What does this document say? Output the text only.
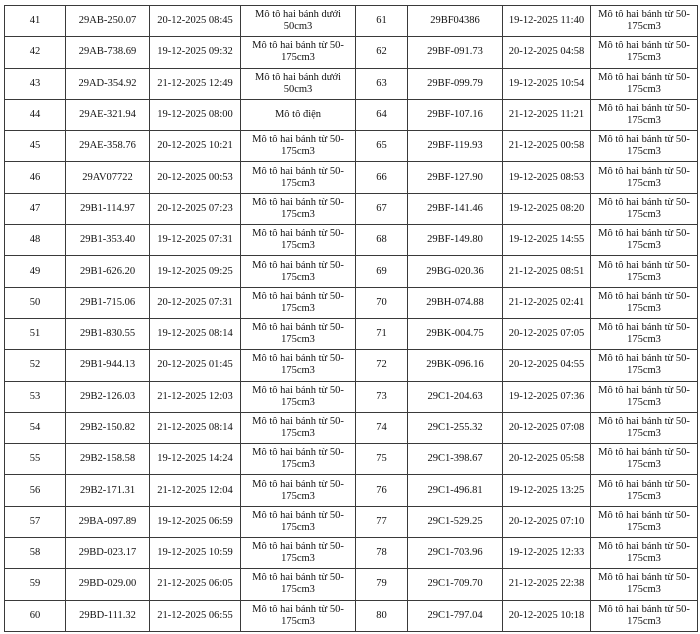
41	29AB-250.07	20-12-2025 08:45	Mô tô hai bánh dưới 50cm3	61	29BF04386	19-12-2025 11:40	Mô tô hai bánh từ 50-175cm3
42	29AB-738.69	19-12-2025 09:32	Mô tô hai bánh từ 50-175cm3	62	29BF-091.73	20-12-2025 04:58	Mô tô hai bánh từ 50-175cm3
43	29AD-354.92	21-12-2025 12:49	Mô tô hai bánh dưới 50cm3	63	29BF-099.79	19-12-2025 10:54	Mô tô hai bánh từ 50-175cm3
44	29AE-321.94	19-12-2025 08:00	Mô tô điện	64	29BF-107.16	21-12-2025 11:21	Mô tô hai bánh từ 50-175cm3
45	29AE-358.76	20-12-2025 10:21	Mô tô hai bánh từ 50-175cm3	65	29BF-119.93	21-12-2025 00:58	Mô tô hai bánh từ 50-175cm3
46	29AV07722	20-12-2025 00:53	Mô tô hai bánh từ 50-175cm3	66	29BF-127.90	19-12-2025 08:53	Mô tô hai bánh từ 50-175cm3
47	29B1-114.97	20-12-2025 07:23	Mô tô hai bánh từ 50-175cm3	67	29BF-141.46	19-12-2025 08:20	Mô tô hai bánh từ 50-175cm3
48	29B1-353.40	19-12-2025 07:31	Mô tô hai bánh từ 50-175cm3	68	29BF-149.80	19-12-2025 14:55	Mô tô hai bánh từ 50-175cm3
49	29B1-626.20	19-12-2025 09:25	Mô tô hai bánh từ 50-175cm3	69	29BG-020.36	21-12-2025 08:51	Mô tô hai bánh từ 50-175cm3
50	29B1-715.06	20-12-2025 07:31	Mô tô hai bánh từ 50-175cm3	70	29BH-074.88	21-12-2025 02:41	Mô tô hai bánh từ 50-175cm3
51	29B1-830.55	19-12-2025 08:14	Mô tô hai bánh từ 50-175cm3	71	29BK-004.75	20-12-2025 07:05	Mô tô hai bánh từ 50-175cm3
52	29B1-944.13	20-12-2025 01:45	Mô tô hai bánh từ 50-175cm3	72	29BK-096.16	20-12-2025 04:55	Mô tô hai bánh từ 50-175cm3
53	29B2-126.03	21-12-2025 12:03	Mô tô hai bánh từ 50-175cm3	73	29C1-204.63	19-12-2025 07:36	Mô tô hai bánh từ 50-175cm3
54	29B2-150.82	21-12-2025 08:14	Mô tô hai bánh từ 50-175cm3	74	29C1-255.32	20-12-2025 07:08	Mô tô hai bánh từ 50-175cm3
55	29B2-158.58	19-12-2025 14:24	Mô tô hai bánh từ 50-175cm3	75	29C1-398.67	20-12-2025 05:58	Mô tô hai bánh từ 50-175cm3
56	29B2-171.31	21-12-2025 12:04	Mô tô hai bánh từ 50-175cm3	76	29C1-496.81	19-12-2025 13:25	Mô tô hai bánh từ 50-175cm3
57	29BA-097.89	19-12-2025 06:59	Mô tô hai bánh từ 50-175cm3	77	29C1-529.25	20-12-2025 07:10	Mô tô hai bánh từ 50-175cm3
58	29BD-023.17	19-12-2025 10:59	Mô tô hai bánh từ 50-175cm3	78	29C1-703.96	19-12-2025 12:33	Mô tô hai bánh từ 50-175cm3
59	29BD-029.00	21-12-2025 06:05	Mô tô hai bánh từ 50-175cm3	79	29C1-709.70	21-12-2025 22:38	Mô tô hai bánh từ 50-175cm3
60	29BD-111.32	21-12-2025 06:55	Mô tô hai bánh từ 50-175cm3	80	29C1-797.04	20-12-2025 10:18	Mô tô hai bánh từ 50-175cm3
